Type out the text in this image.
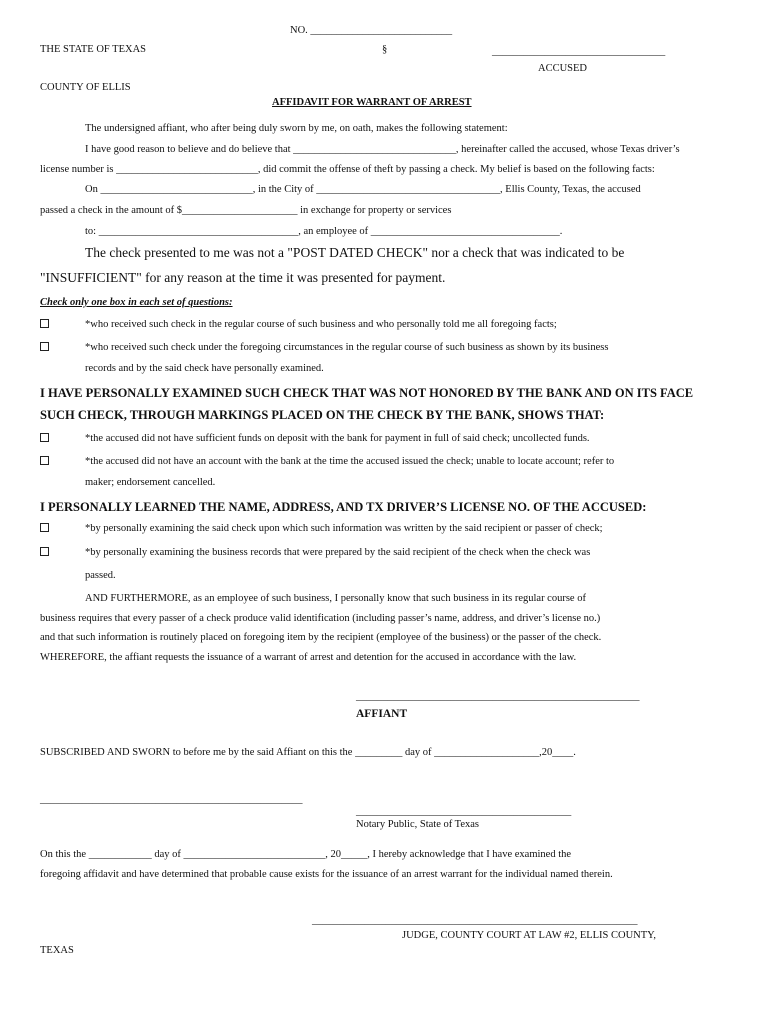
NO. ___________________________
THE STATE OF TEXAS	§	_________________________________
ACCUSED
COUNTY OF ELLIS
AFFIDAVIT FOR WARRANT OF ARREST
The undersigned affiant, who after being duly sworn by me, on oath, makes the following statement:
I have good reason to believe and do believe that _______________________________, hereinafter called the accused, whose Texas driver’s
license number is ___________________________, did commit the offense of theft by passing a check. My belief is based on the following facts:
On _____________________________, in the City of ___________________________________, Ellis County, Texas, the accused
passed a check in the amount of $______________________ in exchange for property or services
to: ______________________________________, an employee of ____________________________________.
The check presented to me was not a "POST DATED CHECK" nor a check that was indicated to be
"INSUFFICIENT" for any reason at the time it was presented for payment.
Check only one box in each set of questions:
*who received such check in the regular course of such business and who personally told me all foregoing facts;
*who received such check under the foregoing circumstances in the regular course of such business as shown by its business
records and by the said check have personally examined.
I HAVE PERSONALLY EXAMINED SUCH CHECK THAT WAS NOT HONORED BY THE BANK AND ON ITS FACE
SUCH CHECK, THROUGH MARKINGS PLACED ON THE CHECK BY THE BANK, SHOWS THAT:
*the accused did not have sufficient funds on deposit with the bank for payment in full of said check; uncollected funds.
*the accused did not have an account with the bank at the time the accused issued the check; unable to locate account; refer to
maker; endorsement cancelled.
I PERSONALLY LEARNED THE NAME, ADDRESS, AND TX DRIVER’S LICENSE NO. OF THE ACCUSED:
*by personally examining the said check upon which such information was written by the said recipient or passer of check;
*by personally examining the business records that were prepared by the said recipient of the check when the check was
passed.
AND FURTHERMORE, as an employee of such business, I personally know that such business in its regular course of
business requires that every passer of a check produce valid identification (including passer’s name, address, and driver’s license no.)
and that such information is routinely placed on foregoing item by the recipient (employee of the business) or the passer of the check.
WHEREFORE, the affiant requests the issuance of a warrant of arrest and detention for the accused in accordance with the law.
______________________________________________________
AFFIANT
SUBSCRIBED AND SWORN to before me by the said Affiant on this the _________ day of ____________________,20____.
__________________________________________________
_________________________________________
Notary Public, State of Texas
On this the ____________ day of ___________________________, 20_____, I hereby acknowledge that I have examined the
foregoing affidavit and have determined that probable cause exists for the issuance of an arrest warrant for the individual named therein.
______________________________________________________________
JUDGE, COUNTY COURT AT LAW #2, ELLIS COUNTY,
TEXAS
